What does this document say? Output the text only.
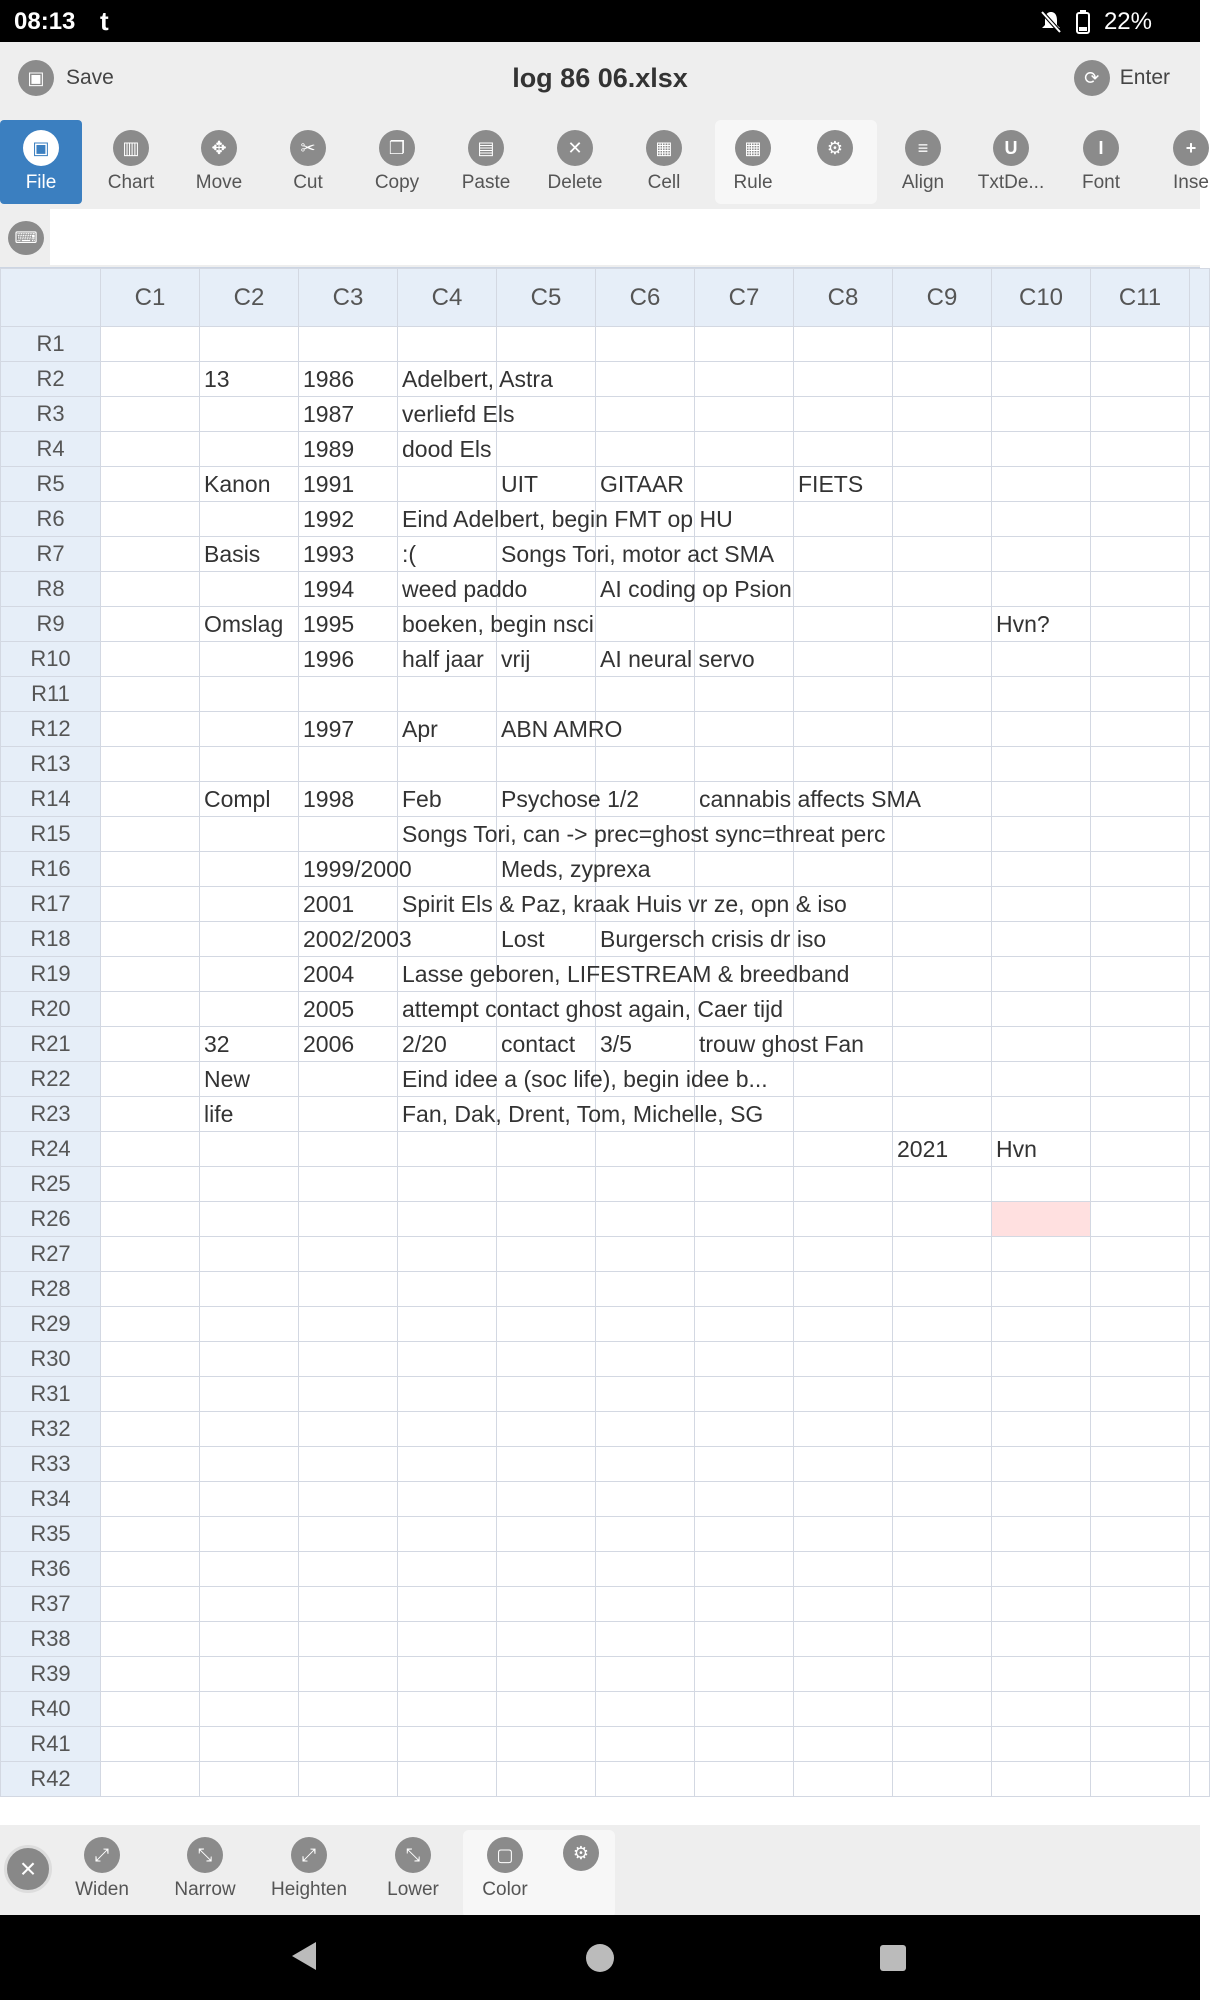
08:13 t	22%
▣	Save	log 86 06.xlsx	⟳ Enter
▣
File
▥
Chart
✥
Move
✂
Cut
❐
Copy
▤
Paste
✕
Delete
▦
Cell
▦
Rule
⚙	≡
Align
U
TxtDe...
I
Font
+
Inse
⌨
	C1	C2	C3	C4	C5	C6	C7	C8	C9	C10	C11	
R1												
R2		13	1986	Adelbert, Astra								
R3			1987	verliefd Els								
R4			1989	dood Els								
R5		Kanon	1991		UIT	GITAAR		FIETS				
R6			1992	Eind Adelbert, begin FMT op HU								
R7		Basis	1993	:(	Songs Tori, motor act SMA							
R8			1994	weed paddo		AI coding op Psion						
R9		Omslag	1995	boeken, begin nsci						Hvn?		
R10			1996	half jaar	vrij	AI neural servo						
R11												
R12			1997	Apr	ABN AMRO							
R13												
R14		Compl	1998	Feb	Psychose 1/2		cannabis affects SMA					
R15				Songs Tori, can -> prec=ghost sync=threat perc								
R16			1999/2000		Meds, zyprexa							
R17			2001	Spirit Els & Paz, kraak Huis vr ze, opn & iso								
R18			2002/2003		Lost	Burgersch crisis dr iso						
R19			2004	Lasse geboren, LIFESTREAM & breedband								
R20			2005	attempt contact ghost again, Caer tijd								
R21		32	2006	2/20	contact	3/5	trouw ghost Fan					
R22		New		Eind idee a (soc life), begin idee b...								
R23		life		Fan, Dak, Drent, Tom, Michelle, SG								
R24									2021	Hvn		
R25												
R26												
R27												
R28												
R29												
R30												
R31												
R32												
R33												
R34												
R35												
R36												
R37												
R38												
R39												
R40												
R41												
R42												
×	⤢
Widen
⤡
Narrow
⤢
Heighten
⤡
Lower
▢
Color
⚙
